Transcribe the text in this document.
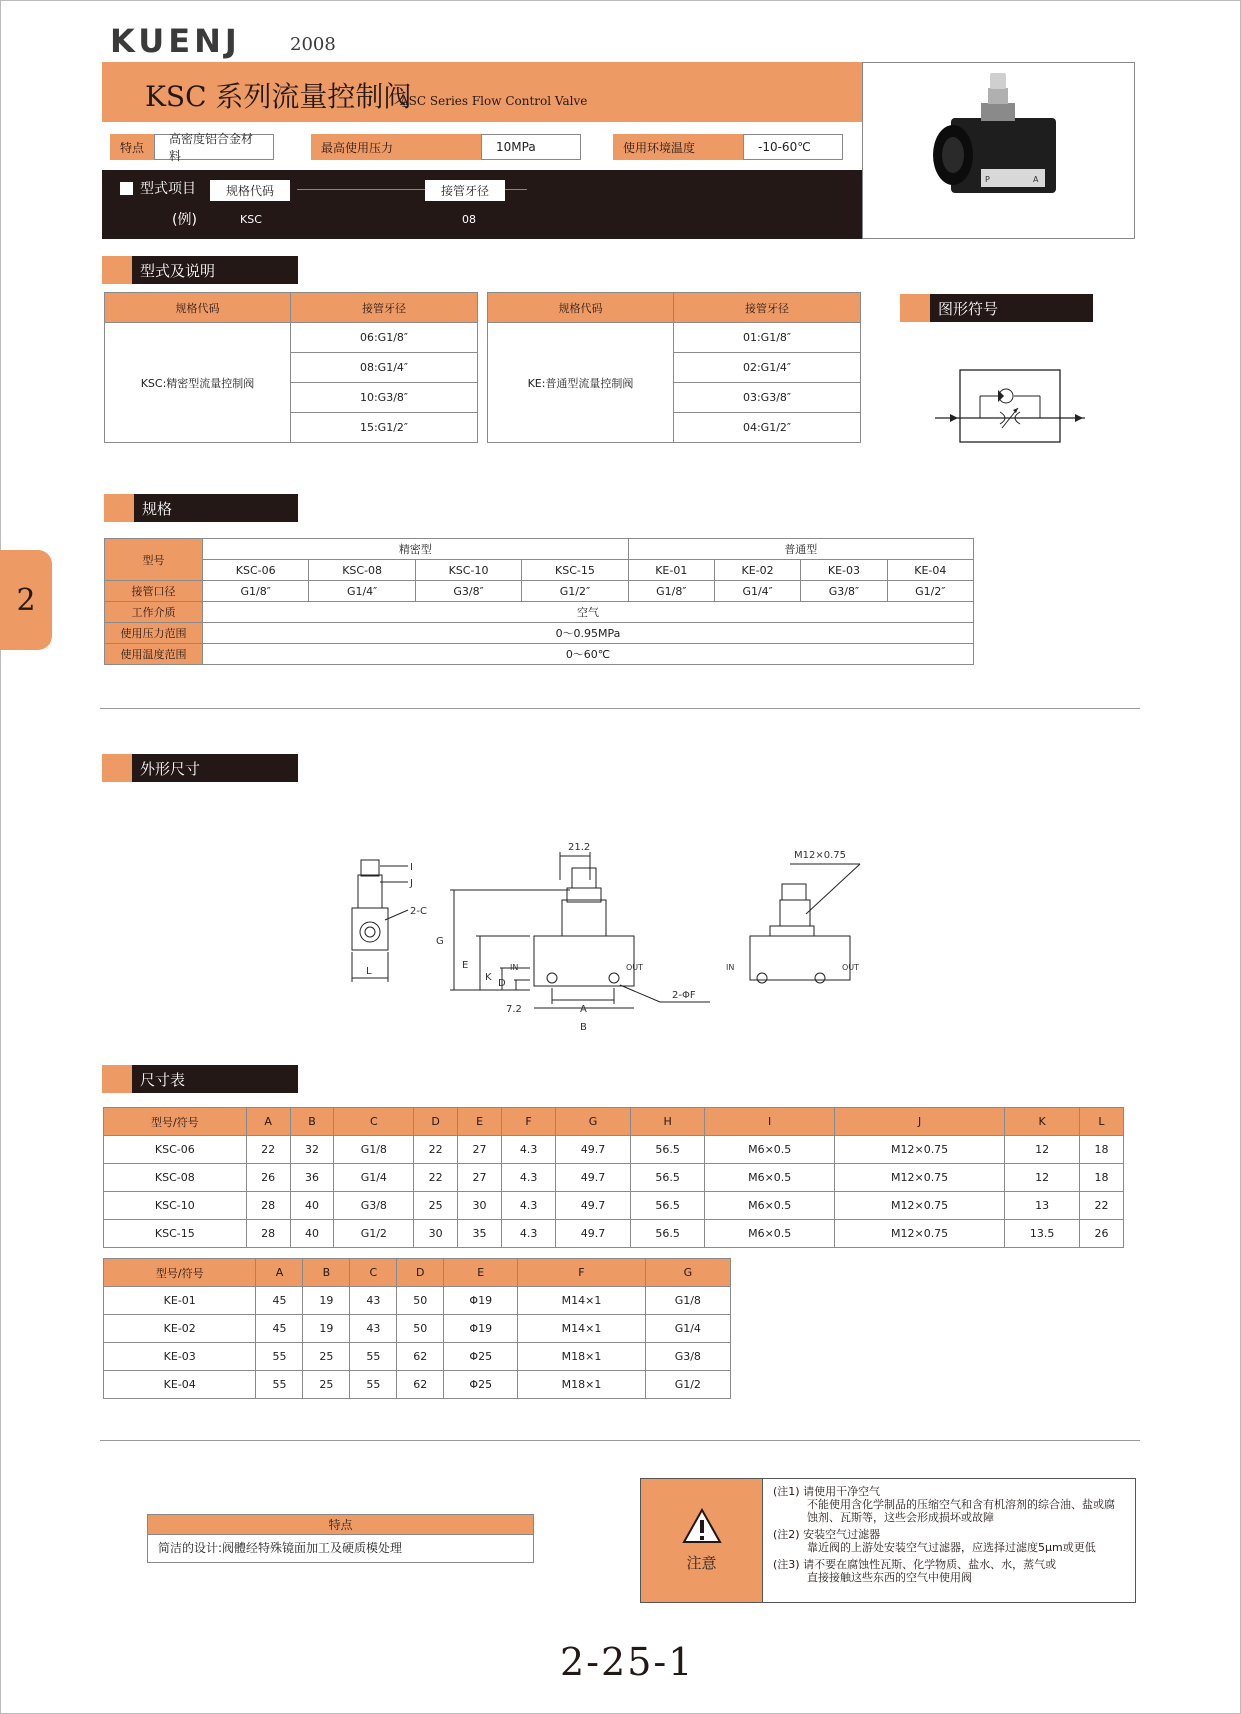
KUENJ	2008
KSC 系列流量控制阀
ASC Series Flow Control Valve
特点
高密度铝合金材料
最高使用压力	10MPa	使用环境温度	-10-60℃
型式项目	规格代码	接管牙径
(例)	KSC	08
P	A
型式及说明
规格代码	接管牙径
KSC:精密型流量控制阀	06:G1/8″
	08:G1/4″
	10:G3/8″
	15:G1/2″
规格代码	接管牙径
KE:普通型流量控制阀	01:G1/8″
	02:G1/4″
	03:G3/8″
	04:G1/2″
图形符号
规格
型号	精密型				普通型			
	KSC-06	KSC-08	KSC-10	KSC-15	KE-01	KE-02	KE-03	KE-04
接管口径	G1/8″	G1/4″	G3/8″	G1/2″	G1/8″	G1/4″	G3/8″	G1/2″
工作介质	空气							
使用压力范围	0～0.95MPa							
使用温度范围	0～60℃							
2
外形尺寸
I
J
2-C
G
E
K
D
7.2	A
B
L
21.2
IN	OUT
2-ΦF
M12×0.75
IN	OUT
尺寸表
型号/符号	A	B	C	D	E	F	G	H	I	J	K	L
KSC-06	22	32	G1/8	22	27	4.3	49.7	56.5	M6×0.5	M12×0.75	12	18
KSC-08	26	36	G1/4	22	27	4.3	49.7	56.5	M6×0.5	M12×0.75	12	18
KSC-10	28	40	G3/8	25	30	4.3	49.7	56.5	M6×0.5	M12×0.75	13	22
KSC-15	28	40	G1/2	30	35	4.3	49.7	56.5	M6×0.5	M12×0.75	13.5	26
型号/符号	A	B	C	D	E	F	G
KE-01	45	19	43	50	Φ19	M14×1	G1/8
KE-02	45	19	43	50	Φ19	M14×1	G1/4
KE-03	55	25	55	62	Φ25	M18×1	G3/8
KE-04	55	25	55	62	Φ25	M18×1	G1/2
特点
简洁的设计:阀體经特殊镜面加工及硬质模处理
注意
(注1) 请使用干净空气
不能使用含化学制品的压缩空气和含有机溶剂的综合油、盐或腐蚀剂、瓦斯等，这些会形成损坏或故障
(注2) 安装空气过滤器
靠近阀的上游处安装空气过滤器，应选择过滤度5μm或更低
(注3) 请不要在腐蚀性瓦斯、化学物质、盐水、水，蒸气或
直接接触这些东西的空气中使用阀
2-25-1
